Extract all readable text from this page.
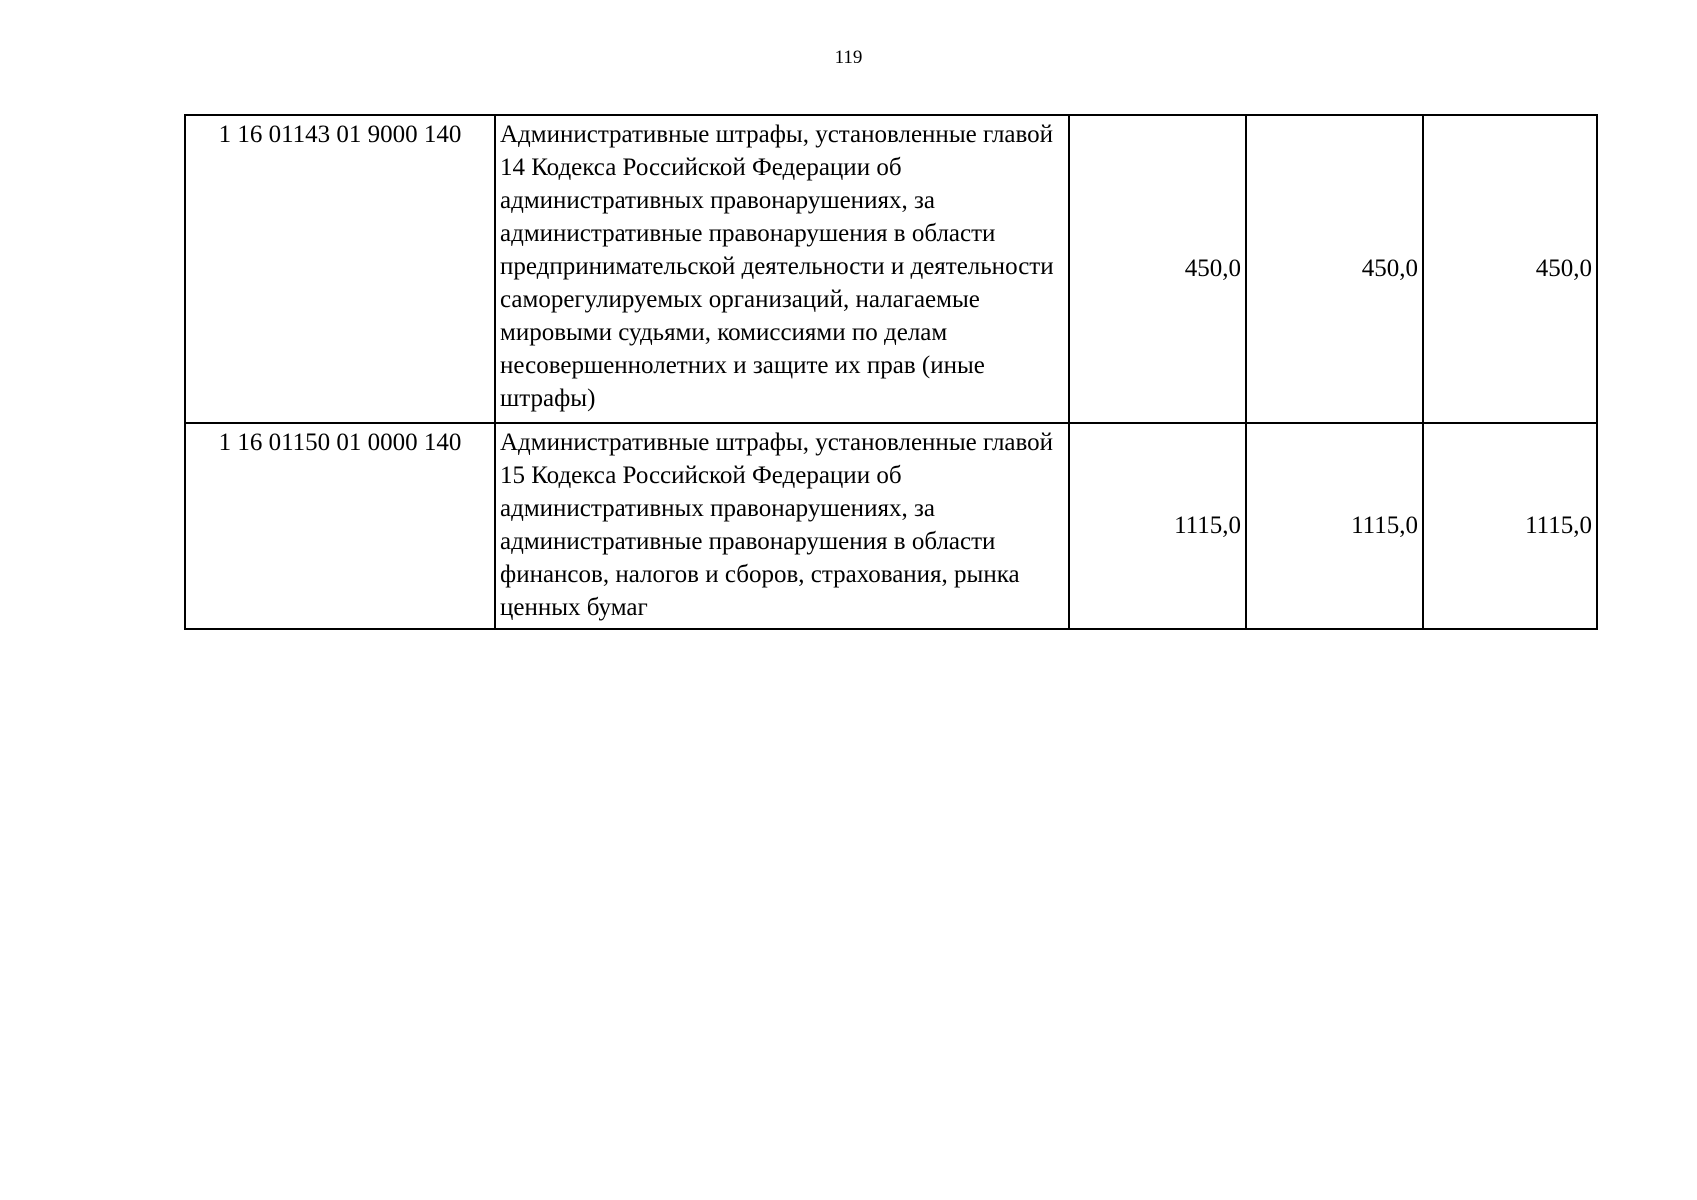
119
1 16 01143 01 9000 140	Административные штрафы, установленные главой 14 Кодекса Российской Федерации об административных правонарушениях, за административные правонарушения в области предпринимательской деятельности и деятельности саморегулируемых организаций, налагаемые мировыми судьями, комиссиями по делам несовершеннолетних и защите их прав (иные штрафы)	450,0	450,0	450,0
1 16 01150 01 0000 140	Административные штрафы, установленные главой 15 Кодекса Российской Федерации об административных правонарушениях, за административные правонарушения в области финансов, налогов и сборов, страхования, рынка ценных бумаг	1115,0	1115,0	1115,0
